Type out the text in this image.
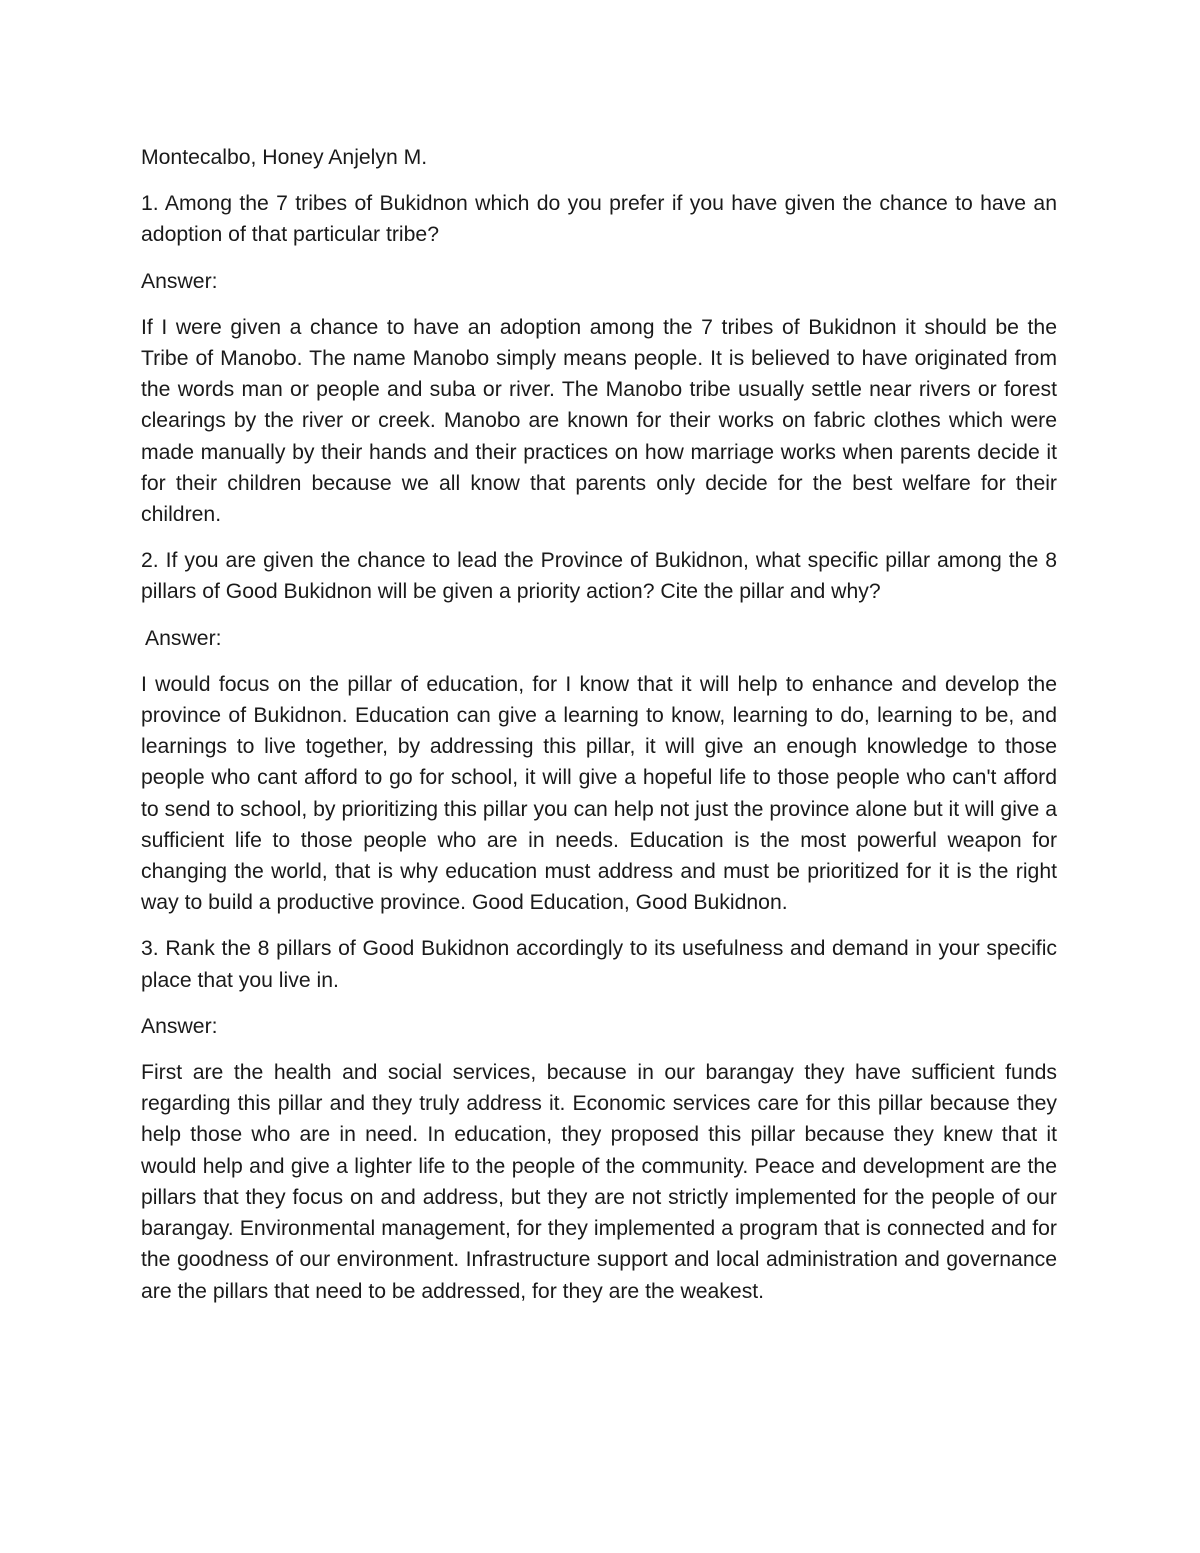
Montecalbo, Honey Anjelyn M.

1. Among the 7 tribes of Bukidnon which do you prefer if you have given the chance to have an adoption of that particular tribe?

Answer:

If I were given a chance to have an adoption among the 7 tribes of Bukidnon it should be the Tribe of Manobo. The name Manobo simply means people. It is believed to have originated from the words man or people and suba or river. The Manobo tribe usually settle near rivers or forest clearings by the river or creek. Manobo are known for their works on fabric clothes which were made manually by their hands and their practices on how marriage works when parents decide it for their children because we all know that parents only decide for the best welfare for their children.

2. If you are given the chance to lead the Province of Bukidnon, what specific pillar among the 8 pillars of Good Bukidnon will be given a priority action? Cite the pillar and why?

Answer:

I would focus on the pillar of education, for I know that it will help to enhance and develop the province of Bukidnon. Education can give a learning to know, learning to do, learning to be, and learnings to live together, by addressing this pillar, it will give an enough knowledge to those people who cant afford to go for school, it will give a hopeful life to those people who can't afford to send to school, by prioritizing this pillar you can help not just the province alone but it will give a sufficient life to those people who are in needs. Education is the most powerful weapon for changing the world, that is why education must address and must be prioritized for it is the right way to build a productive province. Good Education, Good Bukidnon.

3. Rank the 8 pillars of Good Bukidnon accordingly to its usefulness and demand in your specific place that you live in.

Answer:

First are the health and social services, because in our barangay they have sufficient funds regarding this pillar and they truly address it. Economic services care for this pillar because they help those who are in need. In education, they proposed this pillar because they knew that it would help and give a lighter life to the people of the community. Peace and development are the pillars that they focus on and address, but they are not strictly implemented for the people of our barangay. Environmental management, for they implemented a program that is connected and for the goodness of our environment. Infrastructure support and local administration and governance are the pillars that need to be addressed, for they are the weakest.
